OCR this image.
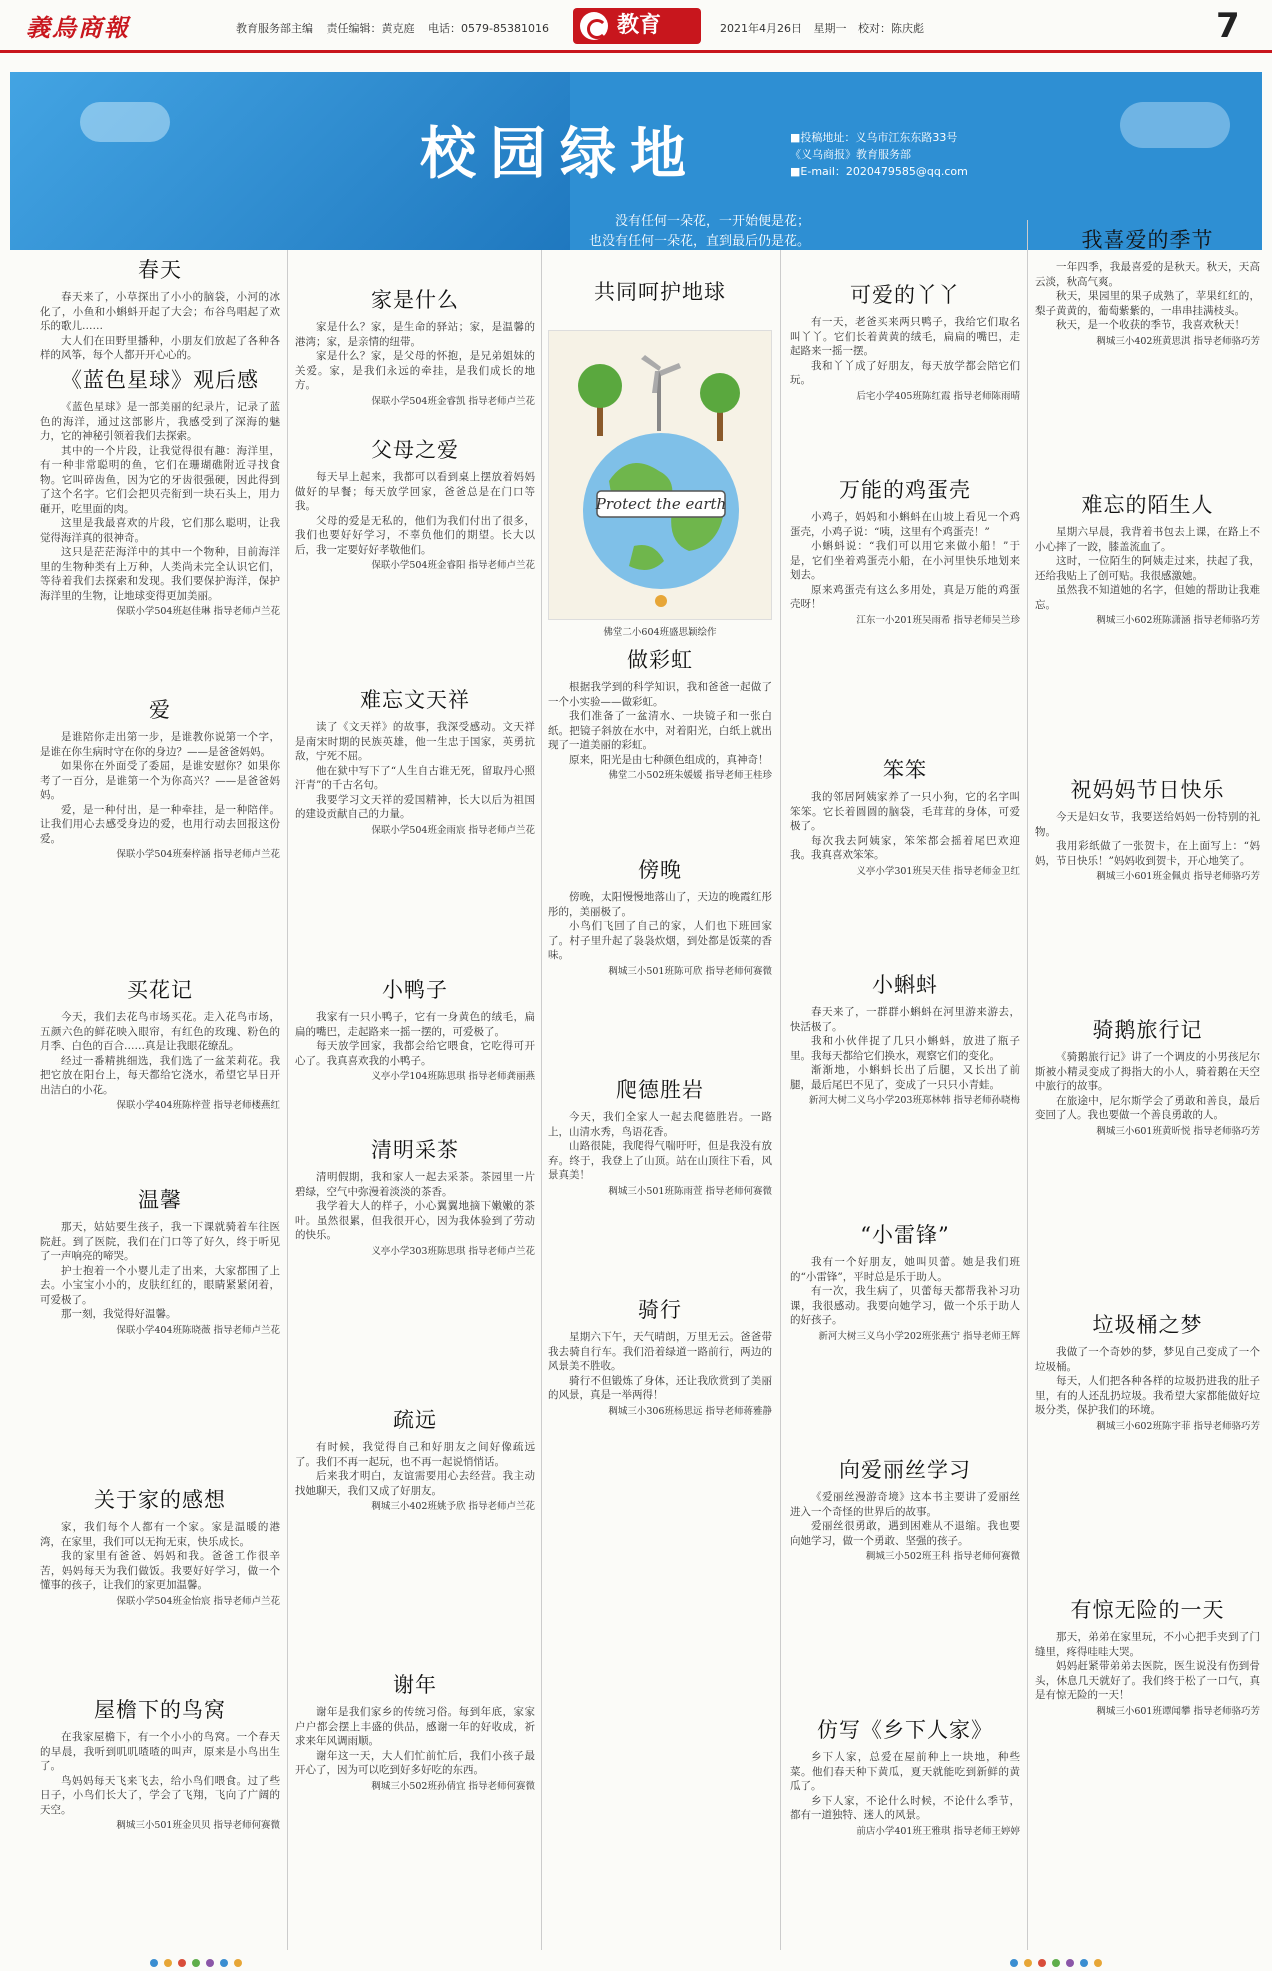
義烏商報	教育服务部主编 责任编辑：黄克庭 电话：0579-85381016	教育	2021年4月26日 星期一 校对：陈庆彪	7
校园绿地	■投稿地址：义乌市江东东路33号
《义乌商报》教育服务部
■E-mail：2020479585@qq.com
没有任何一朵花，一开始便是花；
也没有任何一朵花，直到最后仍是花。
共同呵护地球
Protect the earth
佛堂二小604班盛思颖绘作
春天

春天来了，小草探出了小小的脑袋，小河的冰化了，小鱼和小蝌蚪开起了大会；布谷鸟唱起了欢乐的歌儿……

大人们在田野里播种，小朋友们放起了各种各样的风筝，每个人都开开心心的。

《蓝色星球》观后感

《蓝色星球》是一部美丽的纪录片，记录了蓝色的海洋，通过这部影片，我感受到了深海的魅力，它的神秘引领着我们去探索。

其中的一个片段，让我觉得很有趣：海洋里，有一种非常聪明的鱼，它们在珊瑚礁附近寻找食物。它叫碎齿鱼，因为它的牙齿很强硬，因此得到了这个名字。它们会把贝壳衔到一块石头上，用力砸开，吃里面的肉。

这里是我最喜欢的片段，它们那么聪明，让我觉得海洋真的很神奇。

这只是茫茫海洋中的其中一个物种，目前海洋里的生物种类有上万种，人类尚未完全认识它们，等待着我们去探索和发现。我们要保护海洋，保护海洋里的生物，让地球变得更加美丽。

保联小学504班赵佳琳 指导老师卢兰花

爱

是谁陪你走出第一步，是谁教你说第一个字，是谁在你生病时守在你的身边？——是爸爸妈妈。

如果你在外面受了委屈，是谁安慰你？如果你考了一百分，是谁第一个为你高兴？——是爸爸妈妈。

爱，是一种付出，是一种牵挂，是一种陪伴。让我们用心去感受身边的爱，也用行动去回报这份爱。

保联小学504班秦梓涵 指导老师卢兰花

买花记

今天，我们去花鸟市场买花。走入花鸟市场，五颜六色的鲜花映入眼帘，有红色的玫瑰、粉色的月季、白色的百合……真是让我眼花缭乱。

经过一番精挑细选，我们选了一盆茉莉花。我把它放在阳台上，每天都给它浇水，希望它早日开出洁白的小花。

保联小学404班陈梓萱 指导老师楼燕红

温馨

那天，姑姑要生孩子，我一下课就骑着车往医院赶。到了医院，我们在门口等了好久，终于听见了一声响亮的啼哭。

护士抱着一个小婴儿走了出来，大家都围了上去。小宝宝小小的，皮肤红红的，眼睛紧紧闭着，可爱极了。

那一刻，我觉得好温馨。

保联小学404班陈晓薇 指导老师卢兰花

关于家的感想

家，我们每个人都有一个家。家是温暖的港湾，在家里，我们可以无拘无束，快乐成长。

我的家里有爸爸、妈妈和我。爸爸工作很辛苦，妈妈每天为我们做饭。我要好好学习，做一个懂事的孩子，让我们的家更加温馨。

保联小学504班金怡宸 指导老师卢兰花

屋檐下的鸟窝

在我家屋檐下，有一个小小的鸟窝。一个春天的早晨，我听到叽叽喳喳的叫声，原来是小鸟出生了。

鸟妈妈每天飞来飞去，给小鸟们喂食。过了些日子，小鸟们长大了，学会了飞翔，飞向了广阔的天空。

稠城三小501班金贝贝 指导老师何赛微

家是什么

家是什么？家，是生命的驿站；家，是温馨的港湾；家，是亲情的纽带。

家是什么？家，是父母的怀抱，是兄弟姐妹的关爱。家，是我们永远的牵挂，是我们成长的地方。

保联小学504班金睿凯 指导老师卢兰花

父母之爱

每天早上起来，我都可以看到桌上摆放着妈妈做好的早餐；每天放学回家，爸爸总是在门口等我。

父母的爱是无私的，他们为我们付出了很多，我们也要好好学习，不辜负他们的期望。长大以后，我一定要好好孝敬他们。

保联小学504班金睿阳 指导老师卢兰花

难忘文天祥

读了《文天祥》的故事，我深受感动。文天祥是南宋时期的民族英雄，他一生忠于国家，英勇抗敌，宁死不屈。

他在狱中写下了“人生自古谁无死，留取丹心照汗青”的千古名句。

我要学习文天祥的爱国精神，长大以后为祖国的建设贡献自己的力量。

保联小学504班金雨宸 指导老师卢兰花

小鸭子

我家有一只小鸭子，它有一身黄色的绒毛，扁扁的嘴巴，走起路来一摇一摆的，可爱极了。

每天放学回家，我都会给它喂食，它吃得可开心了。我真喜欢我的小鸭子。

义亭小学104班陈思琪 指导老师龚丽燕

清明采茶

清明假期，我和家人一起去采茶。茶园里一片碧绿，空气中弥漫着淡淡的茶香。

我学着大人的样子，小心翼翼地摘下嫩嫩的茶叶。虽然很累，但我很开心，因为我体验到了劳动的快乐。

义亭小学303班陈思琪 指导老师卢兰花

疏远

有时候，我觉得自己和好朋友之间好像疏远了。我们不再一起玩，也不再一起说悄悄话。

后来我才明白，友谊需要用心去经营。我主动找她聊天，我们又成了好朋友。

稠城三小402班姚予欣 指导老师卢兰花

谢年

谢年是我们家乡的传统习俗。每到年底，家家户户都会摆上丰盛的供品，感谢一年的好收成，祈求来年风调雨顺。

谢年这一天，大人们忙前忙后，我们小孩子最开心了，因为可以吃到好多好吃的东西。

稠城三小502班孙倩宜 指导老师何赛微

做彩虹

根据我学到的科学知识，我和爸爸一起做了一个小实验——做彩虹。

我们准备了一盆清水、一块镜子和一张白纸。把镜子斜放在水中，对着阳光，白纸上就出现了一道美丽的彩虹。

原来，阳光是由七种颜色组成的，真神奇！

佛堂二小502班朱媛媛 指导老师王桂珍

傍晚

傍晚，太阳慢慢地落山了，天边的晚霞红彤彤的，美丽极了。

小鸟们飞回了自己的家，人们也下班回家了。村子里升起了袅袅炊烟，到处都是饭菜的香味。

稠城三小501班陈可欣 指导老师何赛微

爬德胜岩

今天，我们全家人一起去爬德胜岩。一路上，山清水秀，鸟语花香。

山路很陡，我爬得气喘吁吁，但是我没有放弃。终于，我登上了山顶。站在山顶往下看，风景真美！

稠城三小501班陈雨萱 指导老师何赛微

骑行

星期六下午，天气晴朗，万里无云。爸爸带我去骑自行车。我们沿着绿道一路前行，两边的风景美不胜收。

骑行不但锻炼了身体，还让我欣赏到了美丽的风景，真是一举两得！

稠城三小306班杨思远 指导老师蒋雅静

可爱的丫丫

有一天，老爸买来两只鸭子，我给它们取名叫丫丫。它们长着黄黄的绒毛，扁扁的嘴巴，走起路来一摇一摆。

我和丫丫成了好朋友，每天放学都会陪它们玩。

后宅小学405班陈红霞 指导老师陈雨晴

万能的鸡蛋壳

小鸡子，妈妈和小蝌蚪在山坡上看见一个鸡蛋壳，小鸡子说：“咦，这里有个鸡蛋壳！”

小蝌蚪说：“我们可以用它来做小船！”于是，它们坐着鸡蛋壳小船，在小河里快乐地划来划去。

原来鸡蛋壳有这么多用处，真是万能的鸡蛋壳呀！

江东一小201班吴雨希 指导老师吴兰珍

笨笨

我的邻居阿姨家养了一只小狗，它的名字叫笨笨。它长着圆圆的脑袋，毛茸茸的身体，可爱极了。

每次我去阿姨家，笨笨都会摇着尾巴欢迎我。我真喜欢笨笨。

义亭小学301班吴天佳 指导老师金卫红

小蝌蚪

春天来了，一群群小蝌蚪在河里游来游去，快活极了。

我和小伙伴捉了几只小蝌蚪，放进了瓶子里。我每天都给它们换水，观察它们的变化。

渐渐地，小蝌蚪长出了后腿，又长出了前腿，最后尾巴不见了，变成了一只只小青蛙。

新河大树二义乌小学203班郑林韩 指导老师孙晓梅

“小雷锋”

我有一个好朋友，她叫贝蕾。她是我们班的“小雷锋”，平时总是乐于助人。

有一次，我生病了，贝蕾每天都帮我补习功课，我很感动。我要向她学习，做一个乐于助人的好孩子。

新河大树三义乌小学202班张燕宁 指导老师王辉

向爱丽丝学习

《爱丽丝漫游奇境》这本书主要讲了爱丽丝进入一个奇怪的世界后的故事。

爱丽丝很勇敢，遇到困难从不退缩。我也要向她学习，做一个勇敢、坚强的孩子。

稠城三小502班王科 指导老师何赛微

仿写《乡下人家》

乡下人家，总爱在屋前种上一块地，种些菜。他们春天种下黄瓜，夏天就能吃到新鲜的黄瓜了。

乡下人家，不论什么时候，不论什么季节，都有一道独特、迷人的风景。

前店小学401班王雅琪 指导老师王婷婷

我喜爱的季节

一年四季，我最喜爱的是秋天。秋天，天高云淡，秋高气爽。

秋天，果园里的果子成熟了，苹果红红的，梨子黄黄的，葡萄紫紫的，一串串挂满枝头。

秋天，是一个收获的季节，我喜欢秋天！

稠城三小402班黄思淇 指导老师骆巧芳

难忘的陌生人

星期六早晨，我背着书包去上课，在路上不小心摔了一跤，膝盖流血了。

这时，一位陌生的阿姨走过来，扶起了我，还给我贴上了创可贴。我很感激她。

虽然我不知道她的名字，但她的帮助让我难忘。

稠城三小602班陈潇涵 指导老师骆巧芳

祝妈妈节日快乐

今天是妇女节，我要送给妈妈一份特别的礼物。

我用彩纸做了一张贺卡，在上面写上：“妈妈，节日快乐！”妈妈收到贺卡，开心地笑了。

稠城三小601班金佩贞 指导老师骆巧芳

骑鹅旅行记

《骑鹅旅行记》讲了一个调皮的小男孩尼尔斯被小精灵变成了拇指大的小人，骑着鹅在天空中旅行的故事。

在旅途中，尼尔斯学会了勇敢和善良，最后变回了人。我也要做一个善良勇敢的人。

稠城三小601班黄昕悦 指导老师骆巧芳

垃圾桶之梦

我做了一个奇妙的梦，梦见自己变成了一个垃圾桶。

每天，人们把各种各样的垃圾扔进我的肚子里，有的人还乱扔垃圾。我希望大家都能做好垃圾分类，保护我们的环境。

稠城三小602班陈宇菲 指导老师骆巧芳

有惊无险的一天

那天，弟弟在家里玩，不小心把手夹到了门缝里，疼得哇哇大哭。

妈妈赶紧带弟弟去医院，医生说没有伤到骨头，休息几天就好了。我们终于松了一口气，真是有惊无险的一天！

稠城三小601班谭闻攀 指导老师骆巧芳
